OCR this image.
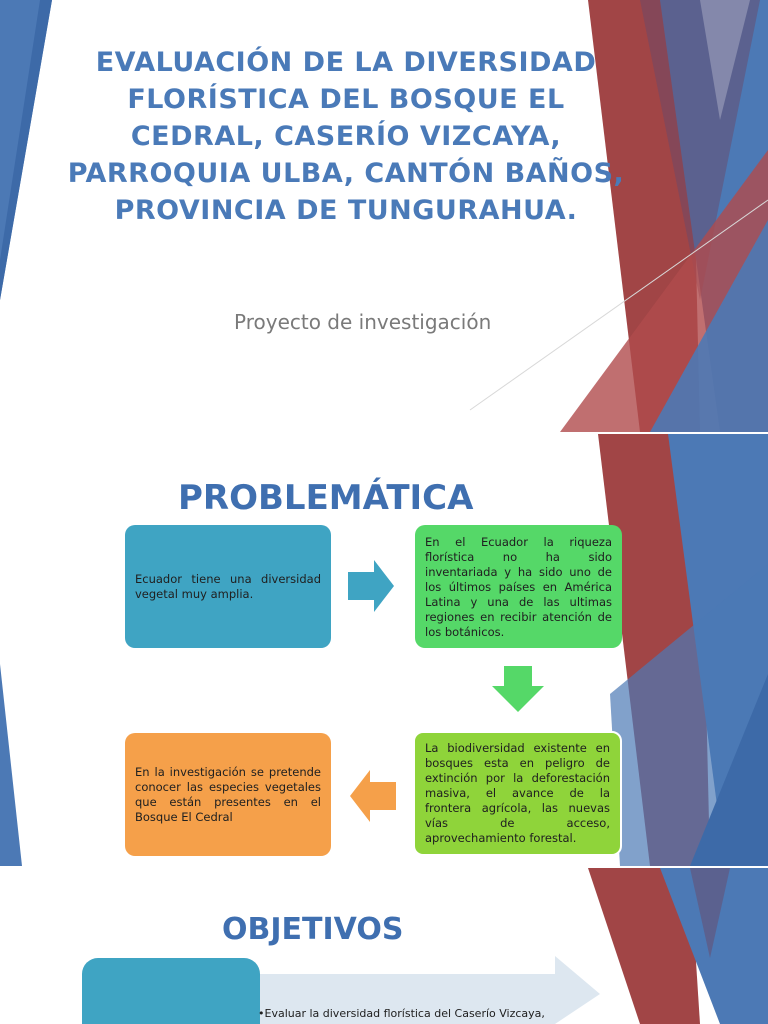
EVALUACIÓN DE LA DIVERSIDAD FLORÍSTICA DEL BOSQUE EL CEDRAL, CASERÍO VIZCAYA, PARROQUIA ULBA, CANTÓN BAÑOS, PROVINCIA DE TUNGURAHUA.
Proyecto de investigación
PROBLEMÁTICA
Ecuador tiene una diversidad vegetal muy amplia.
En el Ecuador la riqueza florística no ha sido inventariada y ha sido uno de los últimos países en América Latina y una de las ultimas regiones en recibir atención de los botánicos.
La biodiversidad existente en bosques esta en peligro de extinción por la deforestación masiva, el avance de la frontera agrícola, las nuevas vías de acceso, aprovechamiento forestal.
En la investigación se pretende conocer las especies vegetales que están presentes en el Bosque El Cedral
OBJETIVOS
•Evaluar la diversidad florística del Caserío Vizcaya,
